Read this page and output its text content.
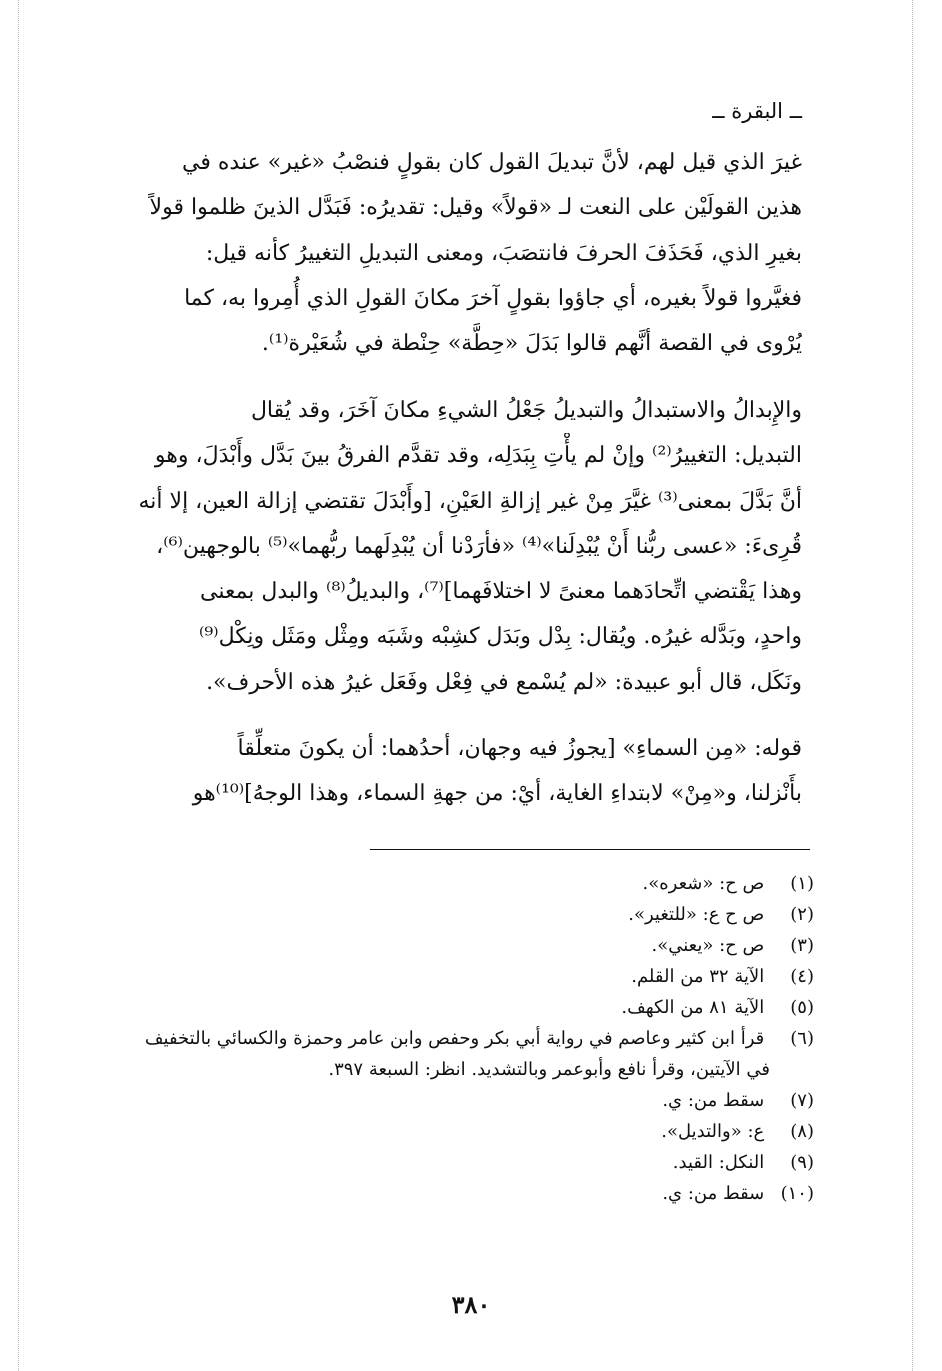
ــ البقرة ــ
غيرَ الذي قيل لهم، لأنَّ تبديلَ القول كان بقولٍ فنصْبُ «غير» عنده في
هذين القولَيْن على النعت لـ «قولاً» وقيل: تقديرُه: فَبَدَّل الذينَ ظلموا قولاً
بغيرِ الذي، فَحَذَفَ الحرفَ فانتصَبَ، ومعنى التبديلِ التغييرُ كأنه قيل:
فغيَّروا قولاً بغيره، أي جاؤوا بقولٍ آخرَ مكانَ القولِ الذي أُمِروا به، كما
يُرْوى في القصة أنَّهم قالوا بَدَلَ «حِطَّة» حِنْطة في شُعَيْرة⁽¹⁾.
والإِبدالُ والاستبدالُ والتبديلُ جَعْلُ الشيءِ مكانَ آخَرَ، وقد يُقال
التبديل: التغييرُ⁽²⁾ وإنْ لم يأْتِ بِبَدَلِه، وقد تقدَّم الفرقُ بينَ بَدَّل وأَبْدَلَ، وهو
أنَّ بَدَّلَ بمعنى⁽³⁾ غيَّرَ مِنْ غير إزالةِ العَيْنِ، [وأَبْدَلَ تقتضي إزالة العين، إلا أنه
قُرِىءَ: «عسى ربُّنا أَنْ يُبْدِلَنا»⁽⁴⁾ «فأرَدْنا أن يُبْدِلَهما ربُّهما»⁽⁵⁾ بالوجهين⁽⁶⁾،
وهذا يَقْتضي اتِّحادَهما معنىً لا اختلافَهما]⁽⁷⁾، والبديلُ⁽⁸⁾ والبدل بمعنى
واحدٍ، وبَدَّله غيرُه. ويُقال: بِدْل وبَدَل كشِبْه وشَبَه ومِثْل ومَثَل ونِكْل⁽⁹⁾
ونَكَل، قال أبو عبيدة: «لم يُسْمع في فِعْل وفَعَل غيرُ هذه الأحرف».
قوله: «مِن السماءِ» [يجوزُ فيه وجهان، أحدُهما: أن يكونَ متعلِّقاً
بأَنْزلنا، و«مِنْ» لابتداءِ الغاية، أيْ: من جهةِ السماء، وهذا الوجهُ]⁽¹⁰⁾هو
(١) ص ح: «شعره».
(٢) ص ح ع: «للتغير».
(٣) ص ح: «يعني».
(٤) الآية ٣٢ من القلم.
(٥) الآية ٨١ من الكهف.
(٦) قرأ ابن كثير وعاصم في رواية أبي بكر وحفص وابن عامر وحمزة والكسائي بالتخفيف
في الآيتين، وقرأ نافع وأبوعمر وبالتشديد. انظر: السبعة ٣٩٧.
(٧) سقط من: ي.
(٨) ع: «والتديل».
(٩) النكل: القيد.
(١٠) سقط من: ي.
٣٨٠
